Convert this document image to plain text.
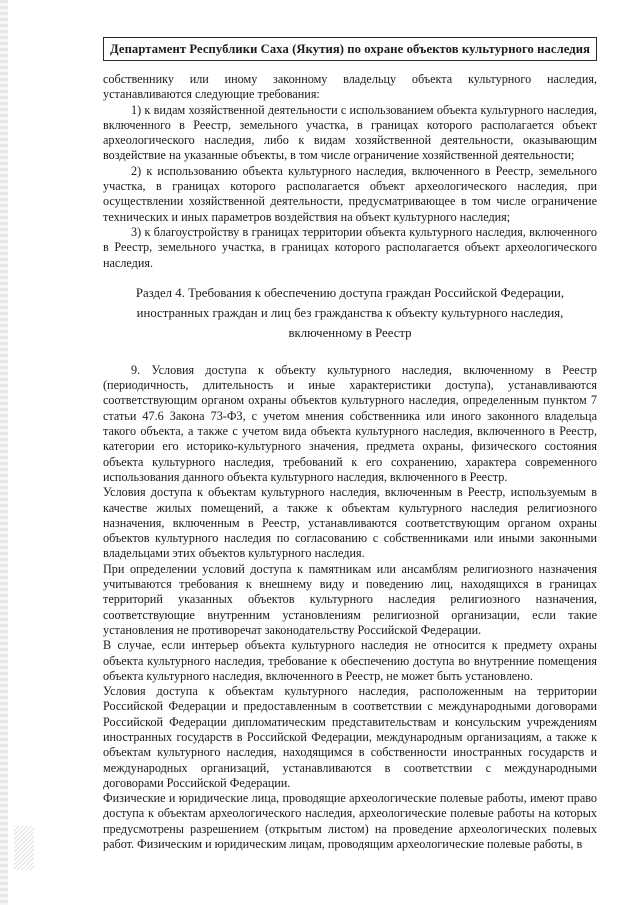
Департамент Республики Саха (Якутия) по охране объектов культурного наследия

собственнику или иному законному владельцу объекта культурного наследия, устанавливаются следующие требования:

1) к видам хозяйственной деятельности с использованием объекта культурного наследия, включенного в Реестр, земельного участка, в границах которого располагается объект археологического наследия, либо к видам хозяйственной деятельности, оказывающим воздействие на указанные объекты, в том числе ограничение хозяйственной деятельности;

2) к использованию объекта культурного наследия, включенного в Реестр, земельного участка, в границах которого располагается объект археологического наследия, при осуществлении хозяйственной деятельности, предусматривающее в том числе ограничение технических и иных параметров воздействия на объект культурного наследия;

3) к благоустройству в границах территории объекта культурного наследия, включенного в Реестр, земельного участка, в границах которого располагается объект археологического наследия.

Раздел 4. Требования к обеспечению доступа граждан Российской Федерации, иностранных граждан и лиц без гражданства к объекту культурного наследия, включенному в Реестр

9. Условия доступа к объекту культурного наследия, включенному в Реестр (периодичность, длительность и иные характеристики доступа), устанавливаются соответствующим органом охраны объектов культурного наследия, определенным пунктом 7 статьи 47.6 Закона 73-ФЗ, с учетом мнения собственника или иного законного владельца такого объекта, а также с учетом вида объекта культурного наследия, включенного в Реестр, категории его историко-культурного значения, предмета охраны, физического состояния объекта культурного наследия, требований к его сохранению, характера современного использования данного объекта культурного наследия, включенного в Реестр.

Условия доступа к объектам культурного наследия, включенным в Реестр, используемым в качестве жилых помещений, а также к объектам культурного наследия религиозного назначения, включенным в Реестр, устанавливаются соответствующим органом охраны объектов культурного наследия по согласованию с собственниками или иными законными владельцами этих объектов культурного наследия.

При определении условий доступа к памятникам или ансамблям религиозного назначения учитываются требования к внешнему виду и поведению лиц, находящихся в границах территорий указанных объектов культурного наследия религиозного назначения, соответствующие внутренним установлениям религиозной организации, если такие установления не противоречат законодательству Российской Федерации.

В случае, если интерьер объекта культурного наследия не относится к предмету охраны объекта культурного наследия, требование к обеспечению доступа во внутренние помещения объекта культурного наследия, включенного в Реестр, не может быть установлено.

Условия доступа к объектам культурного наследия, расположенным на территории Российской Федерации и предоставленным в соответствии с международными договорами Российской Федерации дипломатическим представительствам и консульским учреждениям иностранных государств в Российской Федерации, международным организациям, а также к объектам культурного наследия, находящимся в собственности иностранных государств и международных организаций, устанавливаются в соответствии с международными договорами Российской Федерации.

Физические и юридические лица, проводящие археологические полевые работы, имеют право доступа к объектам археологического наследия, археологические полевые работы на которых предусмотрены разрешением (открытым листом) на проведение археологических полевых работ. Физическим и юридическим лицам, проводящим археологические полевые работы, в
